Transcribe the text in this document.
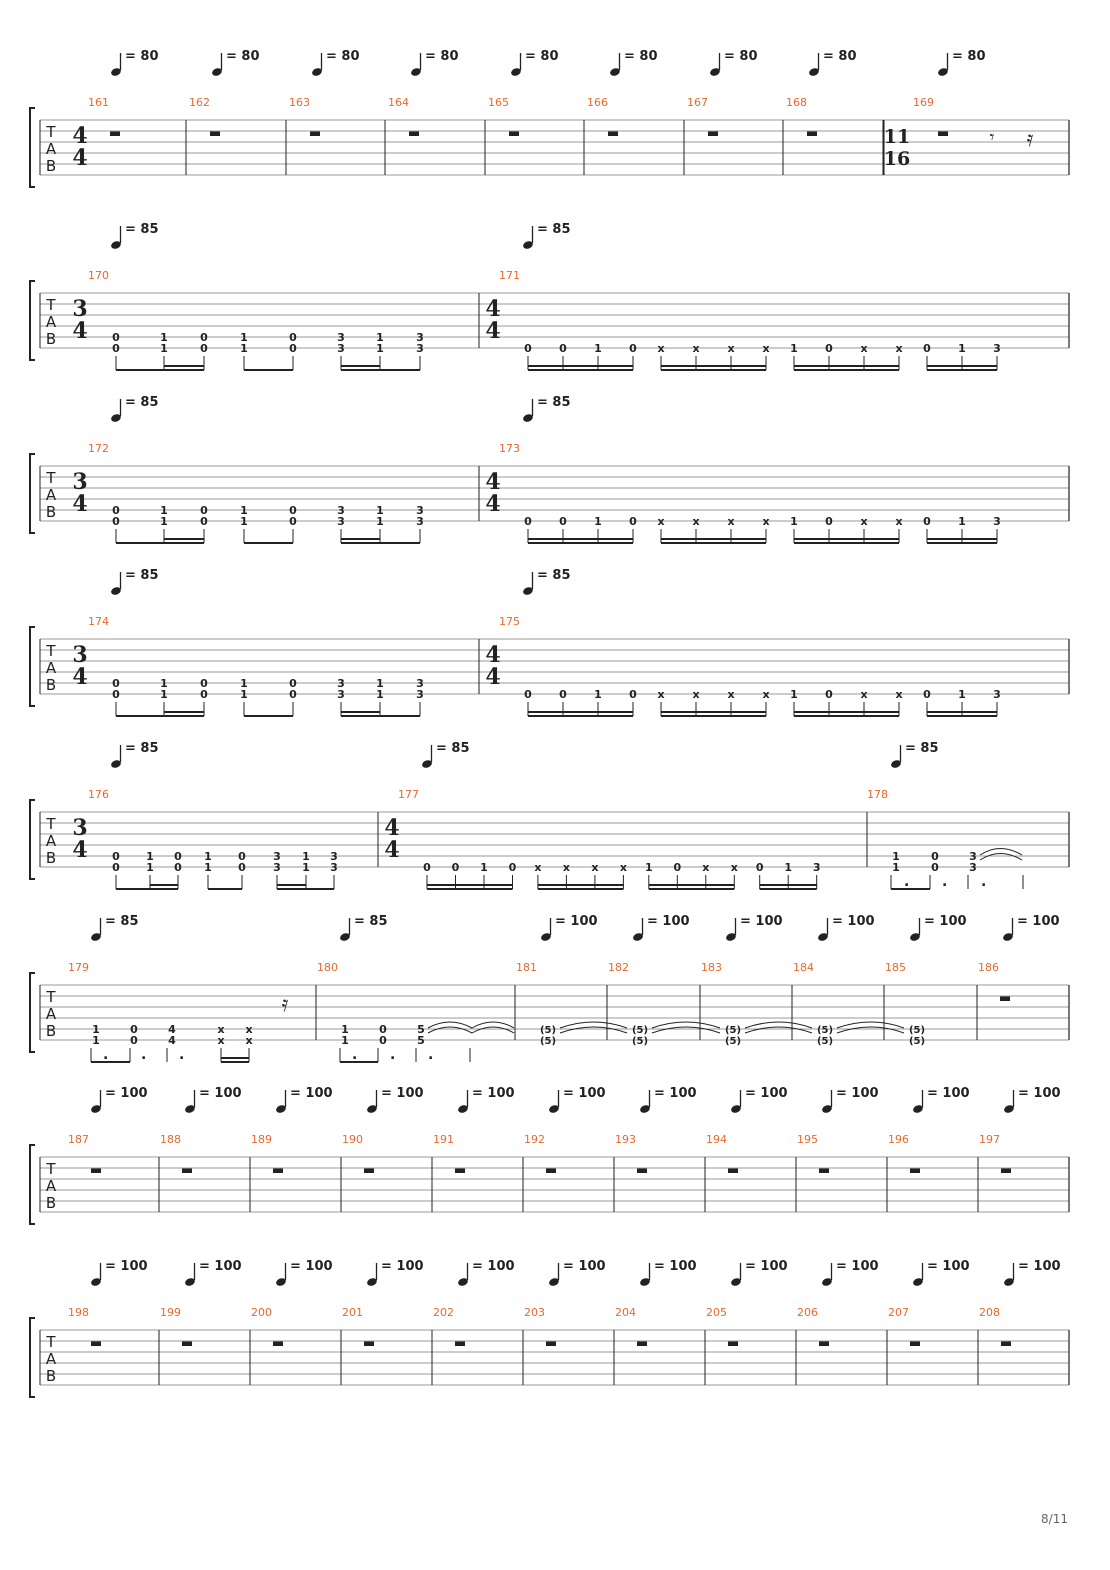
T
A
B
161	162	163	164	165	166	167	168	169
𝄾 𝄿
= 80
4
4
= 80	= 80	= 80	= 80	= 80	= 80	= 80	= 80
11
16
T
A
B
170
0
0
1
1
0
0
1
1
0
0
3
3
1
1
3
3
171
0 0 1 0 x	x	x	x 1 0	x	x 0 1 3
= 85
3
4
= 85
4
4
T
A
B
172
0
0
1
1
0
0
1
1
0
0
3
3
1
1
3
3
173
0 0 1 0 x	x	x	x 1 0	x	x 0 1 3
= 85
3
4
= 85
4
4
T
A
B
174
0
0
1
1
0
0
1
1
0
0
3
3
1
1
3
3
175
0 0 1 0 x	x	x	x 1 0	x	x 0 1 3
= 85
3
4
= 85
4
4
T
A
B
176
0
0
1
1
0
0
1
1
0
0
3
3
1
1
3
3
177
0 0 1 0 x x x x 1 0 x x 0 1 3
178
1
1
0
0
3
3
. . .
= 85
3
4
= 85
4
4
= 85
T
A
B
179
1
1
0
0
4
4
x
x
x
x
𝄿
. . .
180
1
1
0
0
5
5
. . .
181
(5)
(5)
182
(5)
(5)
183
(5)
(5)
184
(5)
(5)
185
(5)
(5)
186
= 85	= 85	= 100	= 100	= 100	= 100	= 100	= 100
T
A
B
187	188	189	190	191	192	193	194	195	196	197
= 100	= 100	= 100	= 100	= 100	= 100	= 100	= 100	= 100	= 100	= 100
T
A
B
198	199	200	201	202	203	204	205	206	207	208
= 100	= 100	= 100	= 100	= 100	= 100	= 100	= 100	= 100	= 100	= 100
8/11
